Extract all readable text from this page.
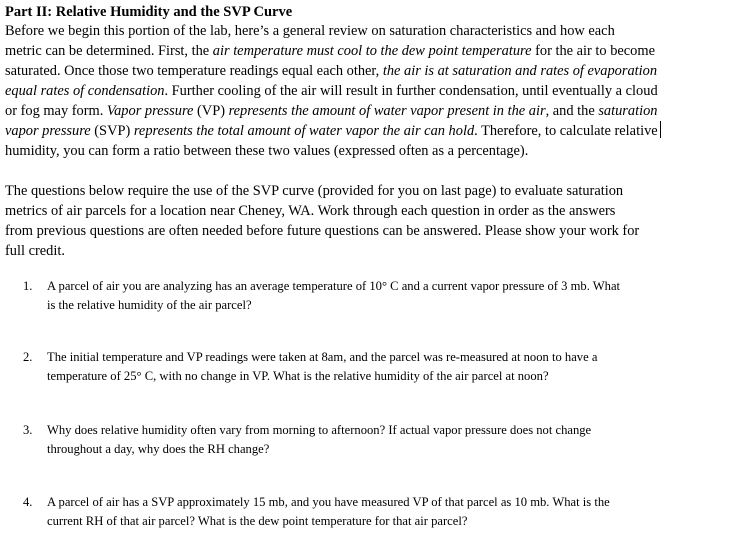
Part II: Relative Humidity and the SVP Curve
Before we begin this portion of the lab, here’s a general review on saturation characteristics and how each
metric can be determined. First, the air temperature must cool to the dew point temperature for the air to become
saturated. Once those two temperature readings equal each other, the air is at saturation and rates of evaporation
equal rates of condensation. Further cooling of the air will result in further condensation, until eventually a cloud
or fog may form. Vapor pressure (VP) represents the amount of water vapor present in the air, and the saturation
vapor pressure (SVP) represents the total amount of water vapor the air can hold. Therefore, to calculate relative
humidity, you can form a ratio between these two values (expressed often as a percentage).
The questions below require the use of the SVP curve (provided for you on last page) to evaluate saturation
metrics of air parcels for a location near Cheney, WA. Work through each question in order as the answers
from previous questions are often needed before future questions can be answered. Please show your work for
full credit.
1. A parcel of air you are analyzing has an average temperature of 10° C and a current vapor pressure of 3 mb. What
is the relative humidity of the air parcel?
2. The initial temperature and VP readings were taken at 8am, and the parcel was re-measured at noon to have a
temperature of 25° C, with no change in VP. What is the relative humidity of the air parcel at noon?
3. Why does relative humidity often vary from morning to afternoon? If actual vapor pressure does not change
throughout a day, why does the RH change?
4. A parcel of air has a SVP approximately 15 mb, and you have measured VP of that parcel as 10 mb. What is the
current RH of that air parcel? What is the dew point temperature for that air parcel?
